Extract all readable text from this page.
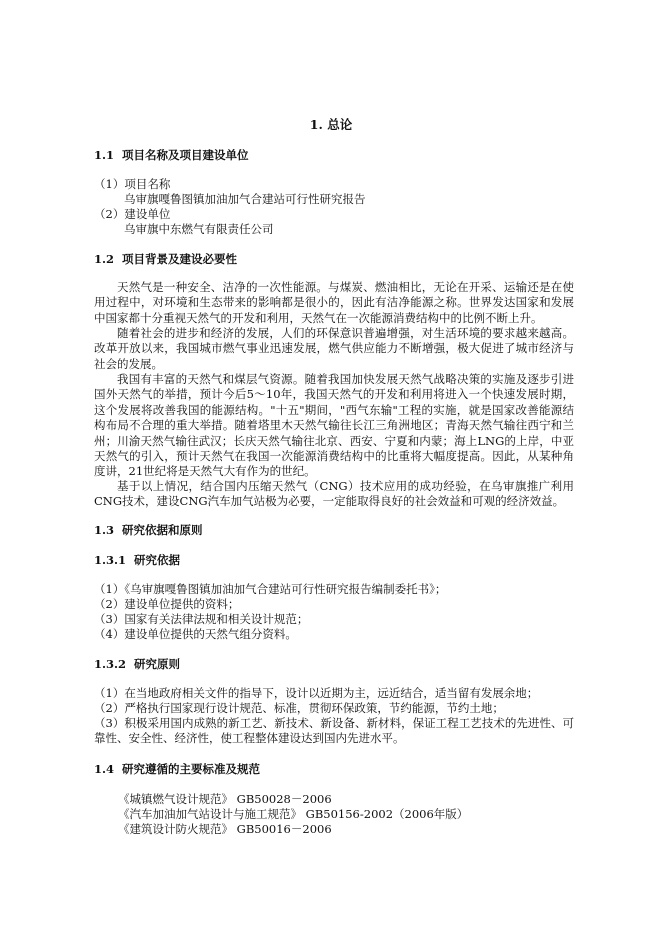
1. 总论
1.1 项目名称及项目建设单位
（1）项目名称
乌审旗嘎鲁图镇加油加气合建站可行性研究报告
（2）建设单位
乌审旗中东燃气有限责任公司
1.2 项目背景及建设必要性

天然气是一种安全、洁净的一次性能源。与煤炭、燃油相比，无论在开采、运输还是在使用过程中，对环境和生态带来的影响都是很小的，因此有洁净能源之称。世界发达国家和发展中国家都十分重视天然气的开发和利用，天然气在一次能源消费结构中的比例不断上升。

随着社会的进步和经济的发展，人们的环保意识普遍增强，对生活环境的要求越来越高。改革开放以来，我国城市燃气事业迅速发展，燃气供应能力不断增强，极大促进了城市经济与社会的发展。

我国有丰富的天然气和煤层气资源。随着我国加快发展天然气战略决策的实施及逐步引进国外天然气的举措，预计今后5～10年，我国天然气的开发和利用将进入一个快速发展时期，这个发展将改善我国的能源结构。"十五"期间，"西气东输"工程的实施，就是国家改善能源结构布局不合理的重大举措。随着塔里木天然气输往长江三角洲地区；青海天然气输往西宁和兰州；川渝天然气输往武汉；长庆天然气输往北京、西安、宁夏和内蒙；海上LNG的上岸，中亚天然气的引入，预计天然气在我国一次能源消费结构中的比重将大幅度提高。因此，从某种角度讲，21世纪将是天然气大有作为的世纪。

基于以上情况，结合国内压缩天然气（CNG）技术应用的成功经验，在乌审旗推广利用CNG技术，建设CNG汽车加气站极为必要，一定能取得良好的社会效益和可观的经济效益。

1.3 研究依据和原则
1.3.1 研究依据
（1）《乌审旗嘎鲁图镇加油加气合建站可行性研究报告编制委托书》；
（2）建设单位提供的资料；
（3）国家有关法律法规和相关设计规范；
（4）建设单位提供的天然气组分资料。
1.3.2 研究原则
（1）在当地政府相关文件的指导下，设计以近期为主，远近结合，适当留有发展余地；
（2）严格执行国家现行设计规范、标准，贯彻环保政策，节约能源，节约土地；

（3）积极采用国内成熟的新工艺、新技术、新设备、新材料，保证工程工艺技术的先进性、可靠性、安全性、经济性，使工程整体建设达到国内先进水平。

1.4 研究遵循的主要标准及规范
《城镇燃气设计规范》 GB50028－2006
《汽车加油加气站设计与施工规范》 GB50156-2002（2006年版）
《建筑设计防火规范》 GB50016－2006
